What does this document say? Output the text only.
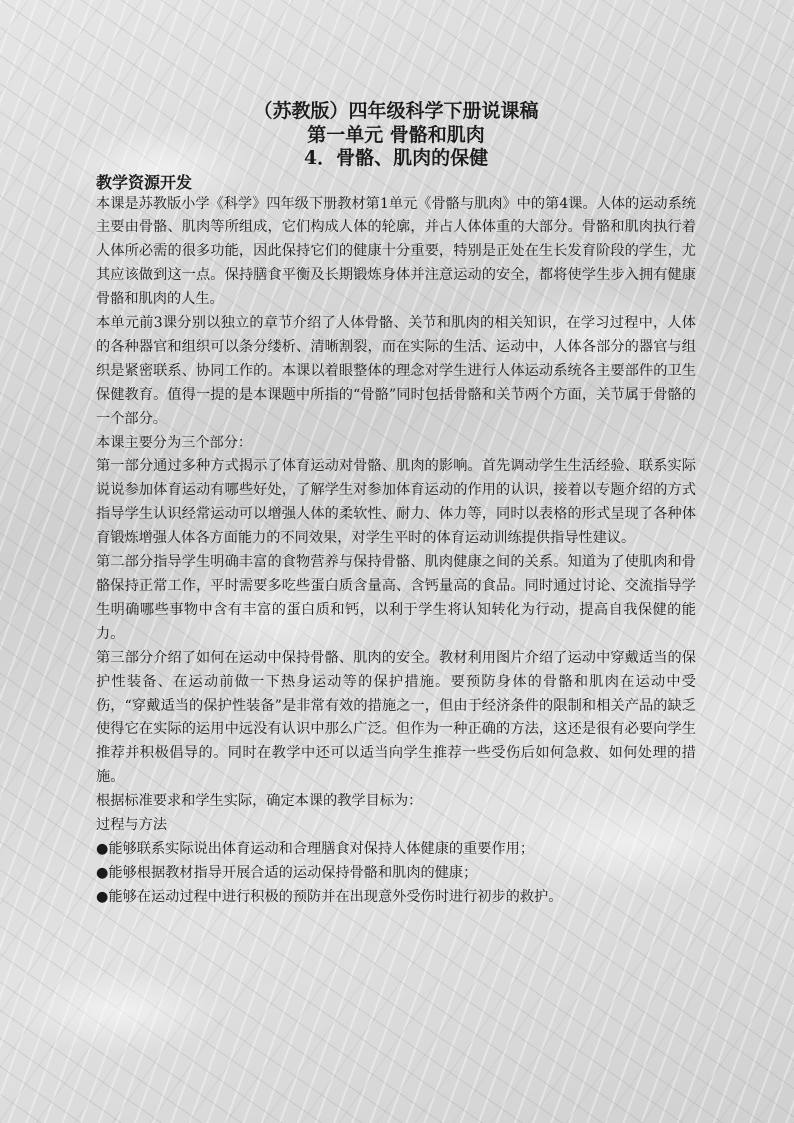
（苏教版）四年级科学下册说课稿
第一单元 骨骼和肌肉
4．骨骼、肌肉的保健
教学资源开发

本课是苏教版小学《科学》四年级下册教材第1单元《骨骼与肌肉》中的第4课。人体的运动系统主要由骨骼、肌肉等所组成，它们构成人体的轮廓，并占人体体重的大部分。骨骼和肌肉执行着人体所必需的很多功能，因此保持它们的健康十分重要，特别是正处在生长发育阶段的学生，尤其应该做到这一点。保持膳食平衡及长期锻炼身体并注意运动的安全，都将使学生步入拥有健康骨骼和肌肉的人生。

本单元前3课分别以独立的章节介绍了人体骨骼、关节和肌肉的相关知识，在学习过程中，人体的各种器官和组织可以条分缕析、清晰割裂，而在实际的生活、运动中，人体各部分的器官与组织是紧密联系、协同工作的。本课以着眼整体的理念对学生进行人体运动系统各主要部件的卫生保健教育。值得一提的是本课题中所指的“骨骼”同时包括骨骼和关节两个方面，关节属于骨骼的一个部分。

本课主要分为三个部分：

第一部分通过多种方式揭示了体育运动对骨骼、肌肉的影响。首先调动学生生活经验、联系实际说说参加体育运动有哪些好处，了解学生对参加体育运动的作用的认识，接着以专题介绍的方式指导学生认识经常运动可以增强人体的柔软性、耐力、体力等，同时以表格的形式呈现了各种体育锻炼增强人体各方面能力的不同效果，对学生平时的体育运动训练提供指导性建议。

第二部分指导学生明确丰富的食物营养与保持骨骼、肌肉健康之间的关系。知道为了使肌肉和骨骼保持正常工作，平时需要多吃些蛋白质含量高、含钙量高的食品。同时通过讨论、交流指导学生明确哪些事物中含有丰富的蛋白质和钙，以利于学生将认知转化为行动，提高自我保健的能力。

第三部分介绍了如何在运动中保持骨骼、肌肉的安全。教材利用图片介绍了运动中穿戴适当的保护性装备、在运动前做一下热身运动等的保护措施。要预防身体的骨骼和肌肉在运动中受伤，“穿戴适当的保护性装备”是非常有效的措施之一，但由于经济条件的限制和相关产品的缺乏使得它在实际的运用中远没有认识中那么广泛。但作为一种正确的方法，这还是很有必要向学生推荐并积极倡导的。同时在教学中还可以适当向学生推荐一些受伤后如何急救、如何处理的措施。

根据标准要求和学生实际，确定本课的教学目标为：

过程与方法

●能够联系实际说出体育运动和合理膳食对保持人体健康的重要作用；

●能够根据教材指导开展合适的运动保持骨骼和肌肉的健康；

●能够在运动过程中进行积极的预防并在出现意外受伤时进行初步的救护。
